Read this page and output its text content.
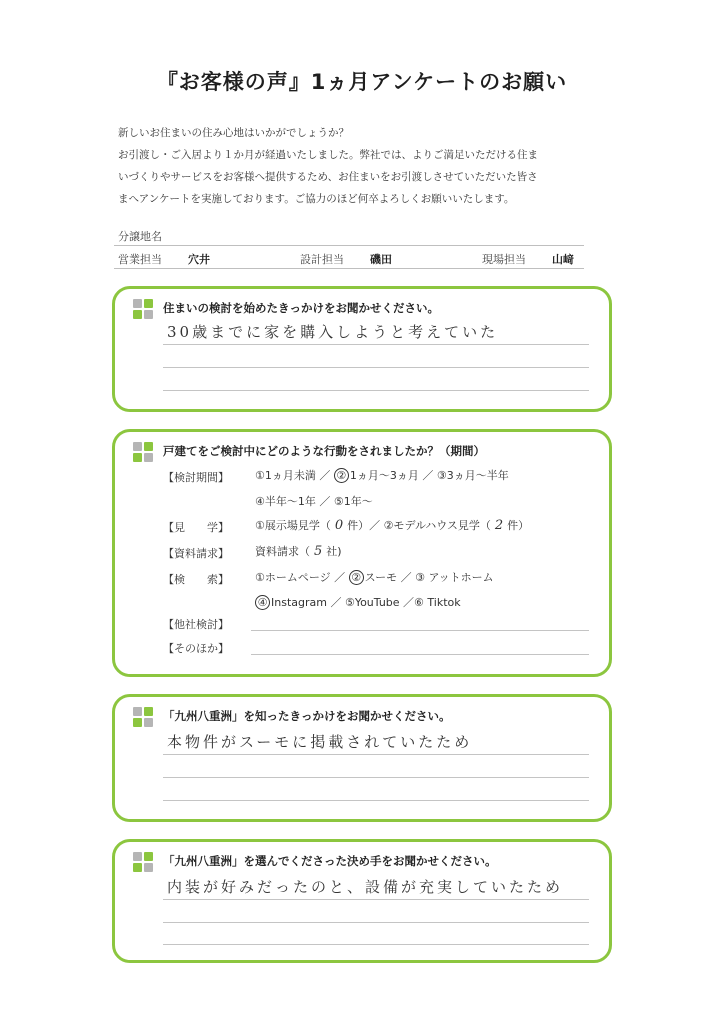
『お客様の声』1ヵ月アンケートのお願い
新しいお住まいの住み心地はいかがでしょうか？
お引渡し・ご入居より１か月が経過いたしました。弊社では、よりご満足いただける住ま
いづくりやサービスをお客様へ提供するため、お住まいをお引渡しさせていただいた皆さ
まへアンケートを実施しております。ご協力のほど何卒よろしくお願いいたします。
分譲地名
営業担当 穴井	設計担当 磯田	現場担当 山﨑
住まいの検討を始めたきっかけをお聞かせください。
30歳までに家を購入しようと考えていた
戸建てをご検討中にどのような行動をされましたか？（期間）
【検討期間】 ①1ヵ月未満 ／ ② 1ヵ月〜3ヵ月 ／ ③3ヵ月〜半年
④半年〜1年 ／ ⑤1年〜
【見　　学】 ①展示場見学（ 0 件）／ ②モデルハウス見学（ 2 件）
【資料請求】 資料請求（ 5 社)
【検　　索】 ①ホームページ ／ ② スーモ ／ ③ アットホーム
④ Instagram ／ ⑤YouTube ／⑥ Tiktok
【他社検討】
【そのほか】
「九州八重洲」を知ったきっかけをお聞かせください。
本物件がスーモに掲載されていたため
「九州八重洲」を選んでくださった決め手をお聞かせください。
内装が好みだったのと、設備が充実していたため
